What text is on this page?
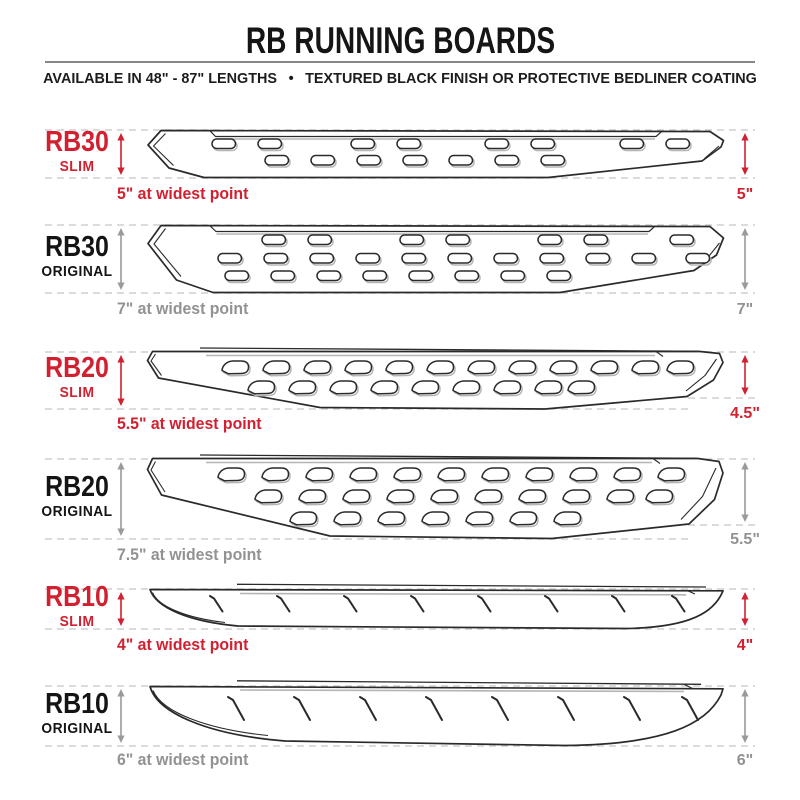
RB RUNNING BOARDS
AVAILABLE IN 48" - 87" LENGTHS • TEXTURED BLACK FINISH OR PROTECTIVE BEDLINER COATING
RB30
SLIM
5" at widest point	5"
RB30
ORIGINAL
7" at widest point	7"
RB20
SLIM
5.5" at widest point
4.5"
RB20
ORIGINAL
7.5" at widest point
5.5"
RB10
SLIM
4" at widest point	4"
RB10
ORIGINAL
6" at widest point	6"
